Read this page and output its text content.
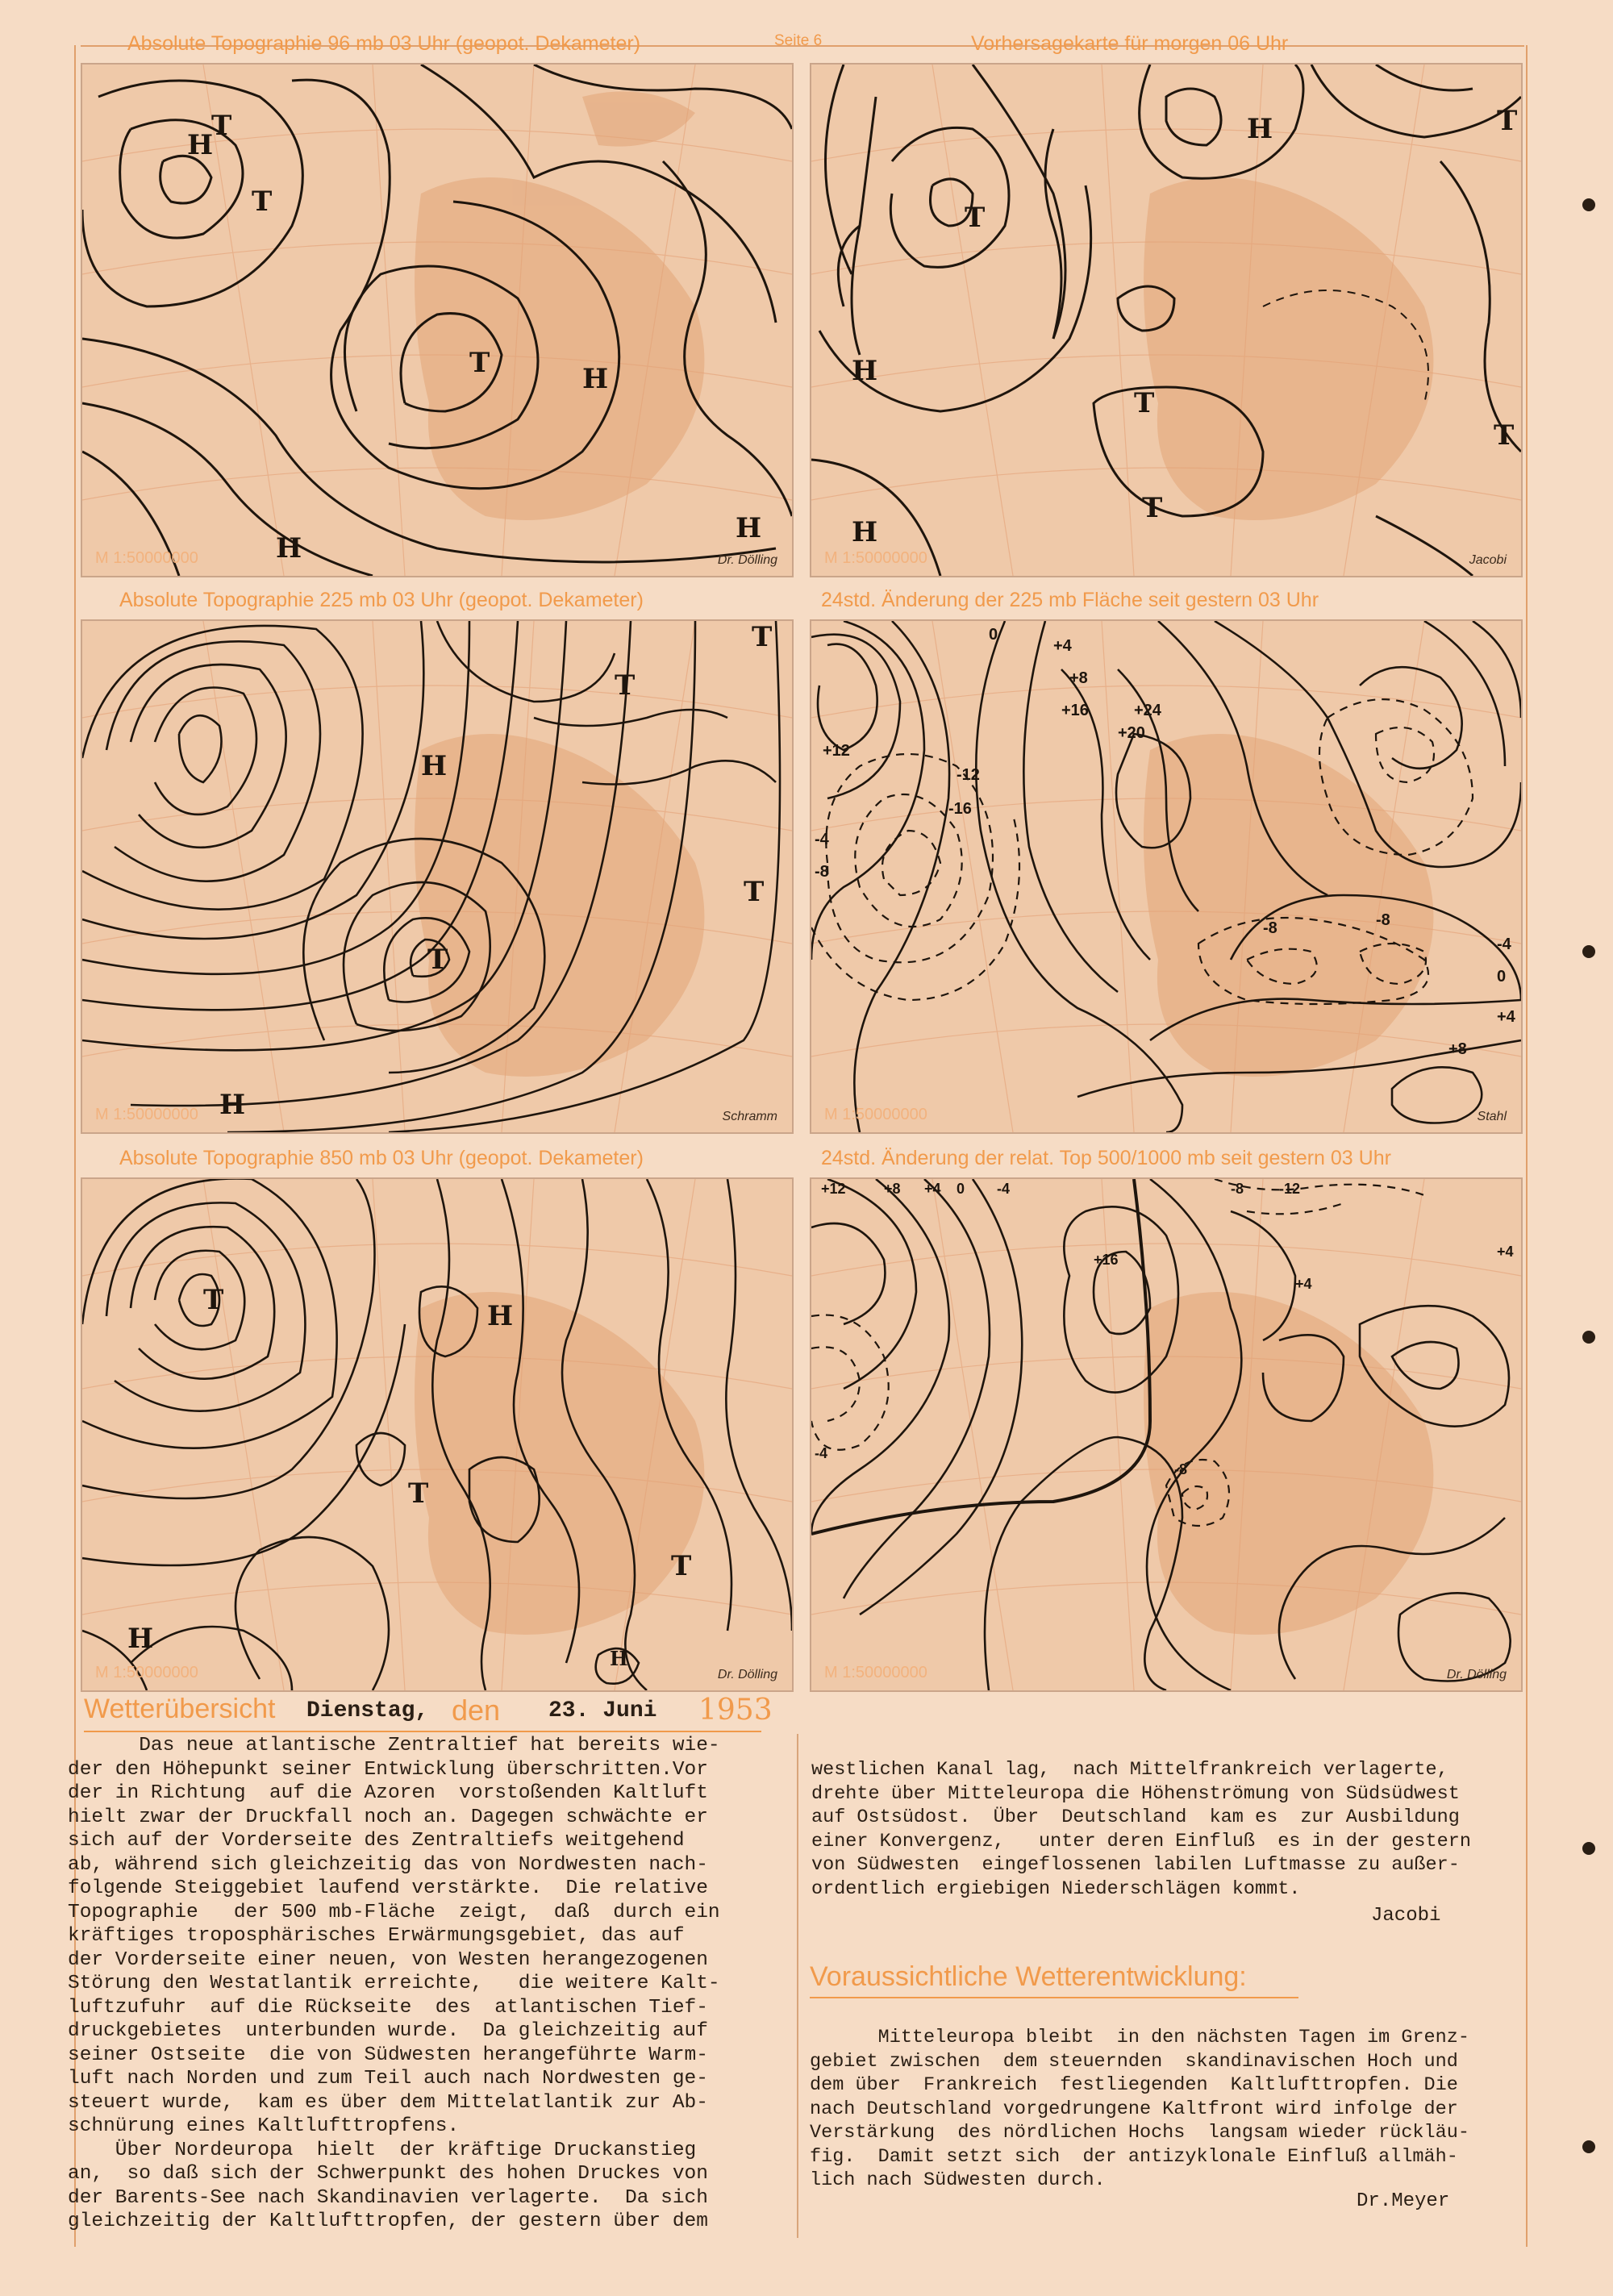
Seite 6
Absolute Topographie 96 mb 03 Uhr (geopot. Dekameter)
H
T
H
T
H
H
T
M 1:50000000	Dr. Dölling
Vorhersagekarte für morgen 06 Uhr
H
T
H
T
T
T
T
H
M 1:50000000	Jacobi
Absolute Topographie 225 mb 03 Uhr (geopot. Dekameter)
T
H
T
T
H
T
M 1:50000000	Schramm
24std. Änderung der 225 mb Fläche seit gestern 03 Uhr
0
+4
+8
+12
+16
+20
+24
-4
-8
-12
-16
0
+4
+8
-8	-8
-4
M 1:50000000	Stahl
Absolute Topographie 850 mb 03 Uhr (geopot. Dekameter)
T	H
T
T
H
H
M 1:50000000	Dr. Dölling
24std. Änderung der relat. Top 500/1000 mb seit gestern 03 Uhr
+12	+8 +4 0 -4	-8 -12
+16
+4
+4
-4
-8
M 1:50000000	Dr. Dölling
Wetterübersicht Dienstag, den 23. Juni 1953
Das neue atlantische Zentraltief hat bereits wie-
der den Höhepunkt seiner Entwicklung überschritten.Vor
der in Richtung  auf die Azoren  vorstoßenden Kaltluft
hielt zwar der Druckfall noch an. Dagegen schwächte er
sich auf der Vorderseite des Zentraltiefs weitgehend
ab, während sich gleichzeitig das von Nordwesten nach-
folgende Steiggebiet laufend verstärkte.  Die relative
Topographie   der 500 mb-Fläche  zeigt,  daß  durch ein
kräftiges troposphärisches Erwärmungsgebiet, das auf
der Vorderseite einer neuen, von Westen herangezogenen
Störung den Westatlantik erreichte,   die weitere Kalt-
luftzufuhr  auf die Rückseite  des  atlantischen Tief-
druckgebietes  unterbunden wurde.  Da gleichzeitig auf
seiner Ostseite  die von Südwesten herangeführte Warm-
luft nach Norden und zum Teil auch nach Nordwesten ge-
steuert wurde,  kam es über dem Mittelatlantik zur Ab-
schnürung eines Kaltlufttropfens.
Über Nordeuropa  hielt  der kräftige Druckanstieg
an,  so daß sich der Schwerpunkt des hohen Druckes von
der Barents-See nach Skandinavien verlagerte.  Da sich
gleichzeitig der Kaltlufttropfen, der gestern über dem
westlichen Kanal lag,  nach Mittelfrankreich verlagerte,
drehte über Mitteleuropa die Höhenströmung von Südsüdwest
auf Ostsüdost.  Über  Deutschland  kam es  zur Ausbildung
einer Konvergenz,   unter deren Einfluß  es in der gestern
von Südwesten  eingeflossenen labilen Luftmasse zu außer-
ordentlich ergiebigen Niederschlägen kommt.
Jacobi
Voraussichtliche Wetterentwicklung:
Mitteleuropa bleibt  in den nächsten Tagen im Grenz-
gebiet zwischen  dem steuernden  skandinavischen Hoch und
dem über  Frankreich  festliegenden  Kaltlufttropfen. Die
nach Deutschland vorgedrungene Kaltfront wird infolge der
Verstärkung  des nördlichen Hochs  langsam wieder rückläu-
fig.  Damit setzt sich  der antizyklonale Einfluß allmäh-
lich nach Südwesten durch.
Dr.Meyer
